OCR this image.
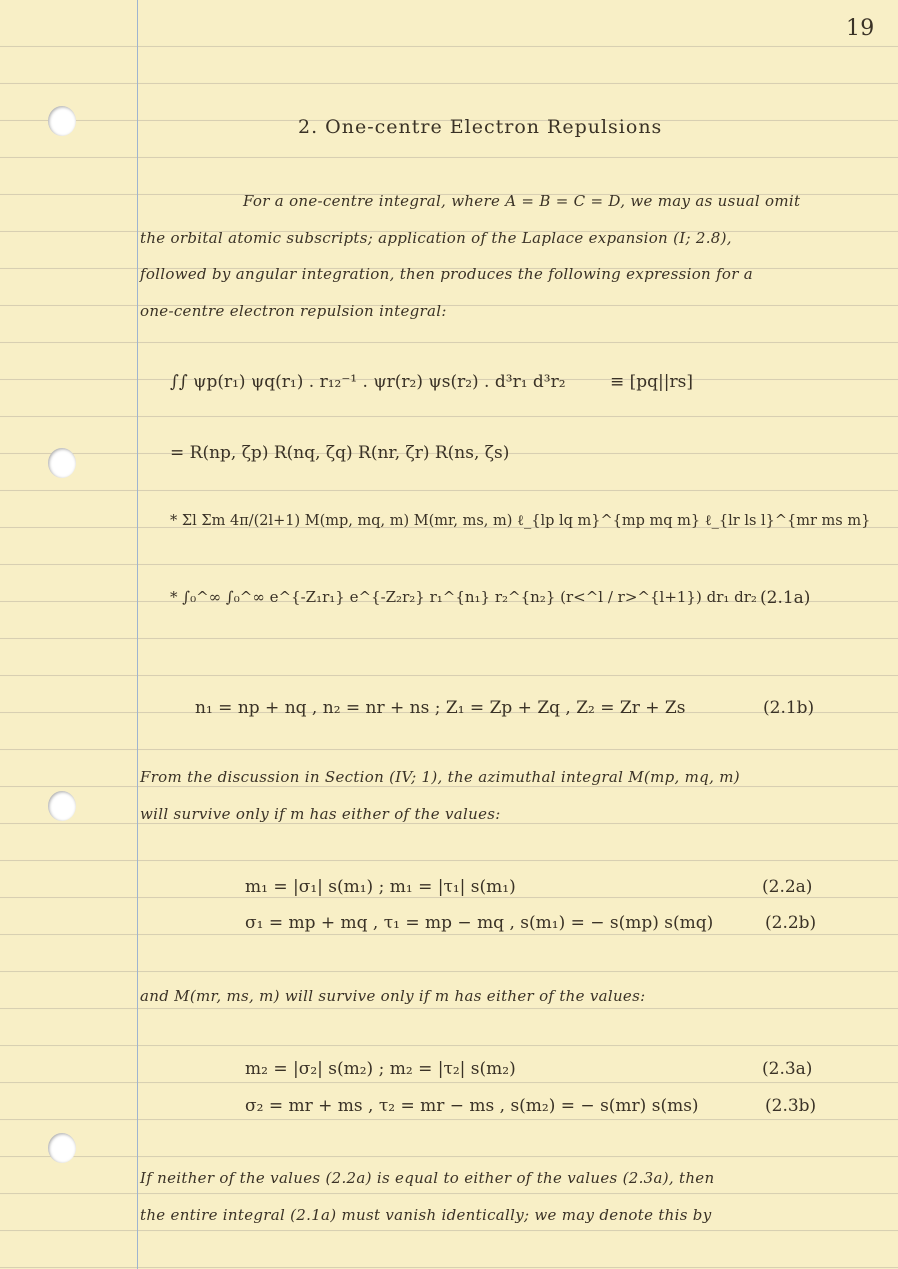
19
2. One-centre Electron Repulsions
For a one-centre integral, where A = B = C = D, we may as usual omit
the orbital atomic subscripts; application of the Laplace expansion (I; 2.8),
followed by angular integration, then produces the following expression for a
one-centre electron repulsion integral:
∫∫ ψp(r₁) ψq(r₁) . r₁₂⁻¹ . ψr(r₂) ψs(r₂) . d³r₁ d³r₂	≡ [pq||rs]
= R(np, ζp) R(nq, ζq) R(nr, ζr) R(ns, ζs)
* Σl Σm 4π/(2l+1) M(mp, mq, m) M(mr, ms, m) ℓ_{lp lq m}^{mp mq m} ℓ_{lr ls l}^{mr ms m}
* ∫₀^∞ ∫₀^∞ e^{-Z₁r₁} e^{-Z₂r₂} r₁^{n₁} r₂^{n₂} (r<^l / r>^{l+1}) dr₁ dr₂ (2.1a)
n₁ = np + nq , n₂ = nr + ns ; Z₁ = Zp + Zq , Z₂ = Zr + Zs	(2.1b)
From the discussion in Section (IV; 1), the azimuthal integral M(mp, mq, m)
will survive only if m has either of the values:
m₁ = |σ₁| s(m₁) ; m₁ = |τ₁| s(m₁)	(2.2a)
σ₁ = mp + mq , τ₁ = mp − mq , s(m₁) = − s(mp) s(mq)	(2.2b)
and M(mr, ms, m) will survive only if m has either of the values:
m₂ = |σ₂| s(m₂) ; m₂ = |τ₂| s(m₂)	(2.3a)
σ₂ = mr + ms , τ₂ = mr − ms , s(m₂) = − s(mr) s(ms)	(2.3b)
If neither of the values (2.2a) is equal to either of the values (2.3a), then
the entire integral (2.1a) must vanish identically; we may denote this by
